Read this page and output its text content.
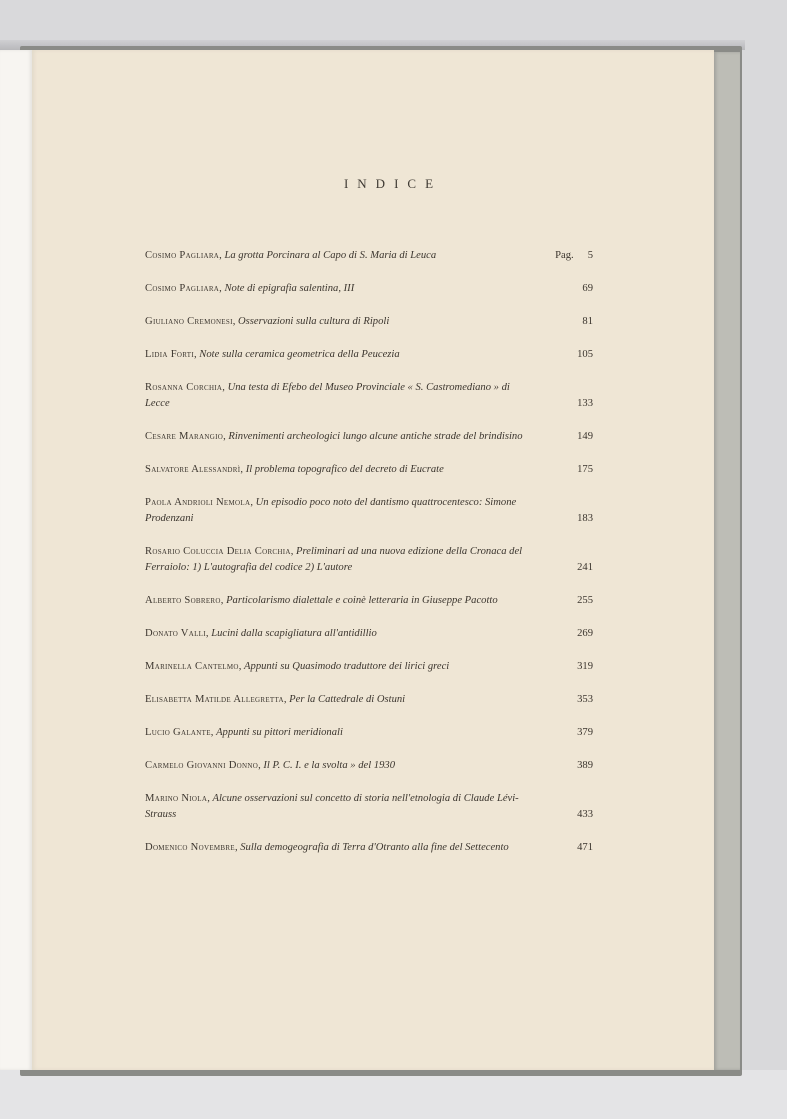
INDICE
Cosimo Pagliara, La grotta Porcinara al Capo di S. Maria di Leuca	Pag. 5
Cosimo Pagliara, Note di epigrafia salentina, III	69
Giuliano Cremonesi, Osservazioni sulla cultura di Ripoli	81
Lidia Forti, Note sulla ceramica geometrica della Peucezia	105
Rosanna Corchia, Una testa di Efebo del Museo Provinciale « S. Castromediano » di Lecce	133
Cesare Marangio, Rinvenimenti archeologici lungo alcune antiche strade del brindisino	149
Salvatore Alessandrì, Il problema topografico del decreto di Eucrate	175
Paola Andrioli Nemola, Un episodio poco noto del dantismo quattrocentesco: Simone Prodenzani	183
Rosario Coluccia Delia Corchia, Preliminari ad una nuova edizione della Cronaca del Ferraiolo: 1) L'autografia del codice 2) L'autore	241
Alberto Sobrero, Particolarismo dialettale e coinè letteraria in Giuseppe Pacotto	255
Donato Valli, Lucini dalla scapigliatura all'antidillio	269
Marinella Cantelmo, Appunti su Quasimodo traduttore dei lirici greci	319
Elisabetta Matilde Allegretta, Per la Cattedrale di Ostuni	353
Lucio Galante, Appunti su pittori meridionali	379
Carmelo Giovanni Donno, Il P. C. I. e la svolta » del 1930	389
Marino Niola, Alcune osservazioni sul concetto di storia nell'etnologia di Claude Lévi-Strauss	433
Domenico Novembre, Sulla demogeografia di Terra d'Otranto alla fine del Settecento	471
